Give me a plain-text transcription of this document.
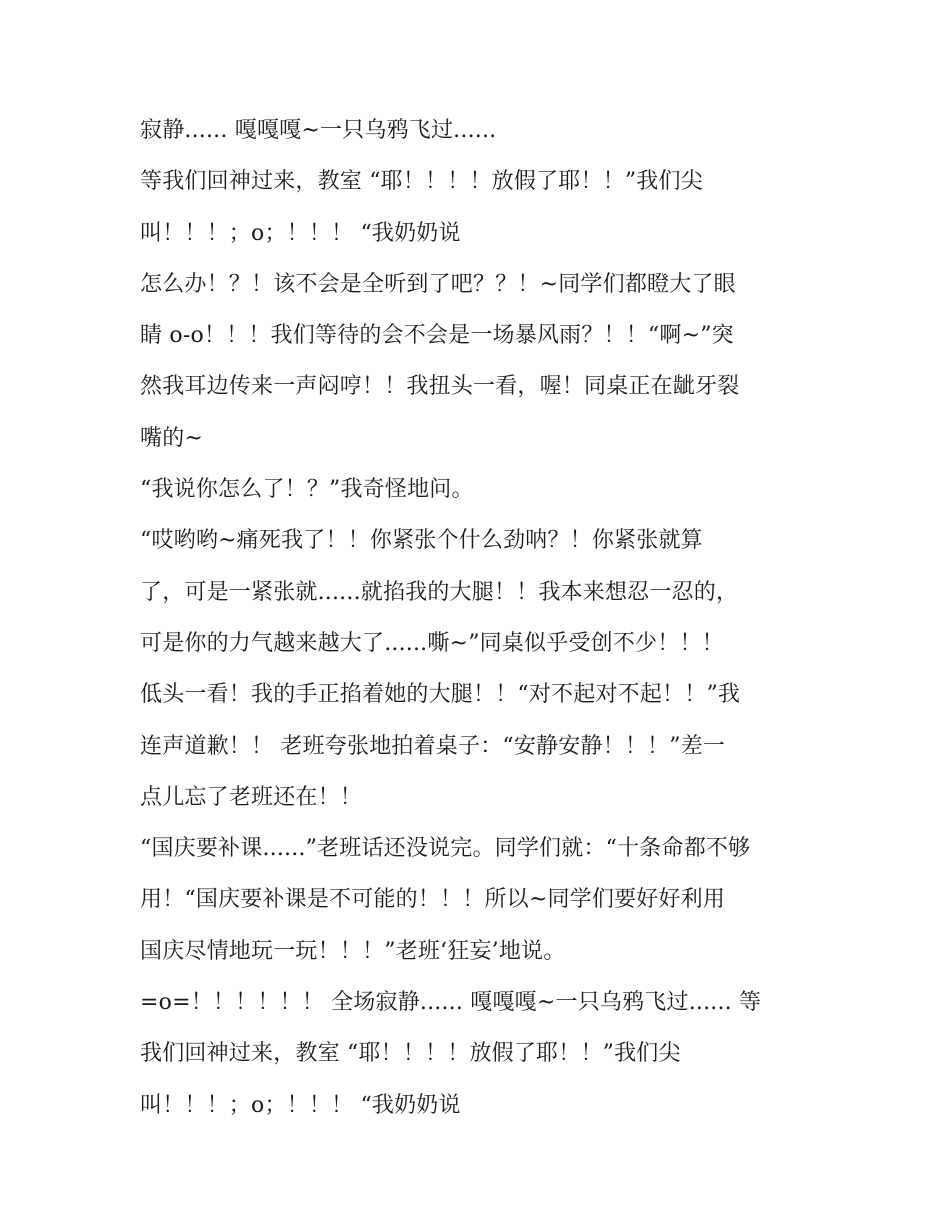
寂静...... 嘎嘎嘎~一只乌鸦飞过......
等我们回神过来，教室 “耶！！！！放假了耶！！”我们尖
叫！！！；o；！！！ “我奶奶说
怎么办！？！该不会是全听到了吧？？！~同学们都瞪大了眼
睛 o-o！！！我们等待的会不会是一场暴风雨？！！“啊~”突
然我耳边传来一声闷哼！！我扭头一看，喔！同桌正在龇牙裂
嘴的~
“我说你怎么了！？”我奇怪地问。
“哎哟哟~痛死我了！！你紧张个什么劲呐？！你紧张就算
了，可是一紧张就......就掐我的大腿！！我本来想忍一忍的，
可是你的力气越来越大了......嘶~”同桌似乎受创不少！！！
低头一看！我的手正掐着她的大腿！！“对不起对不起！！”我
连声道歉！！ 老班夸张地拍着桌子：“安静安静！！！”差一
点儿忘了老班还在！！
“国庆要补课......”老班话还没说完。同学们就：“十条命都不够
用！“国庆要补课是不可能的！！！所以~同学们要好好利用
国庆尽情地玩一玩！！！”老班‘狂妄’地说。
=o=！！！！！！ 全场寂静...... 嘎嘎嘎~一只乌鸦飞过...... 等
我们回神过来，教室 “耶！！！！放假了耶！！”我们尖
叫！！！；o；！！！ “我奶奶说
